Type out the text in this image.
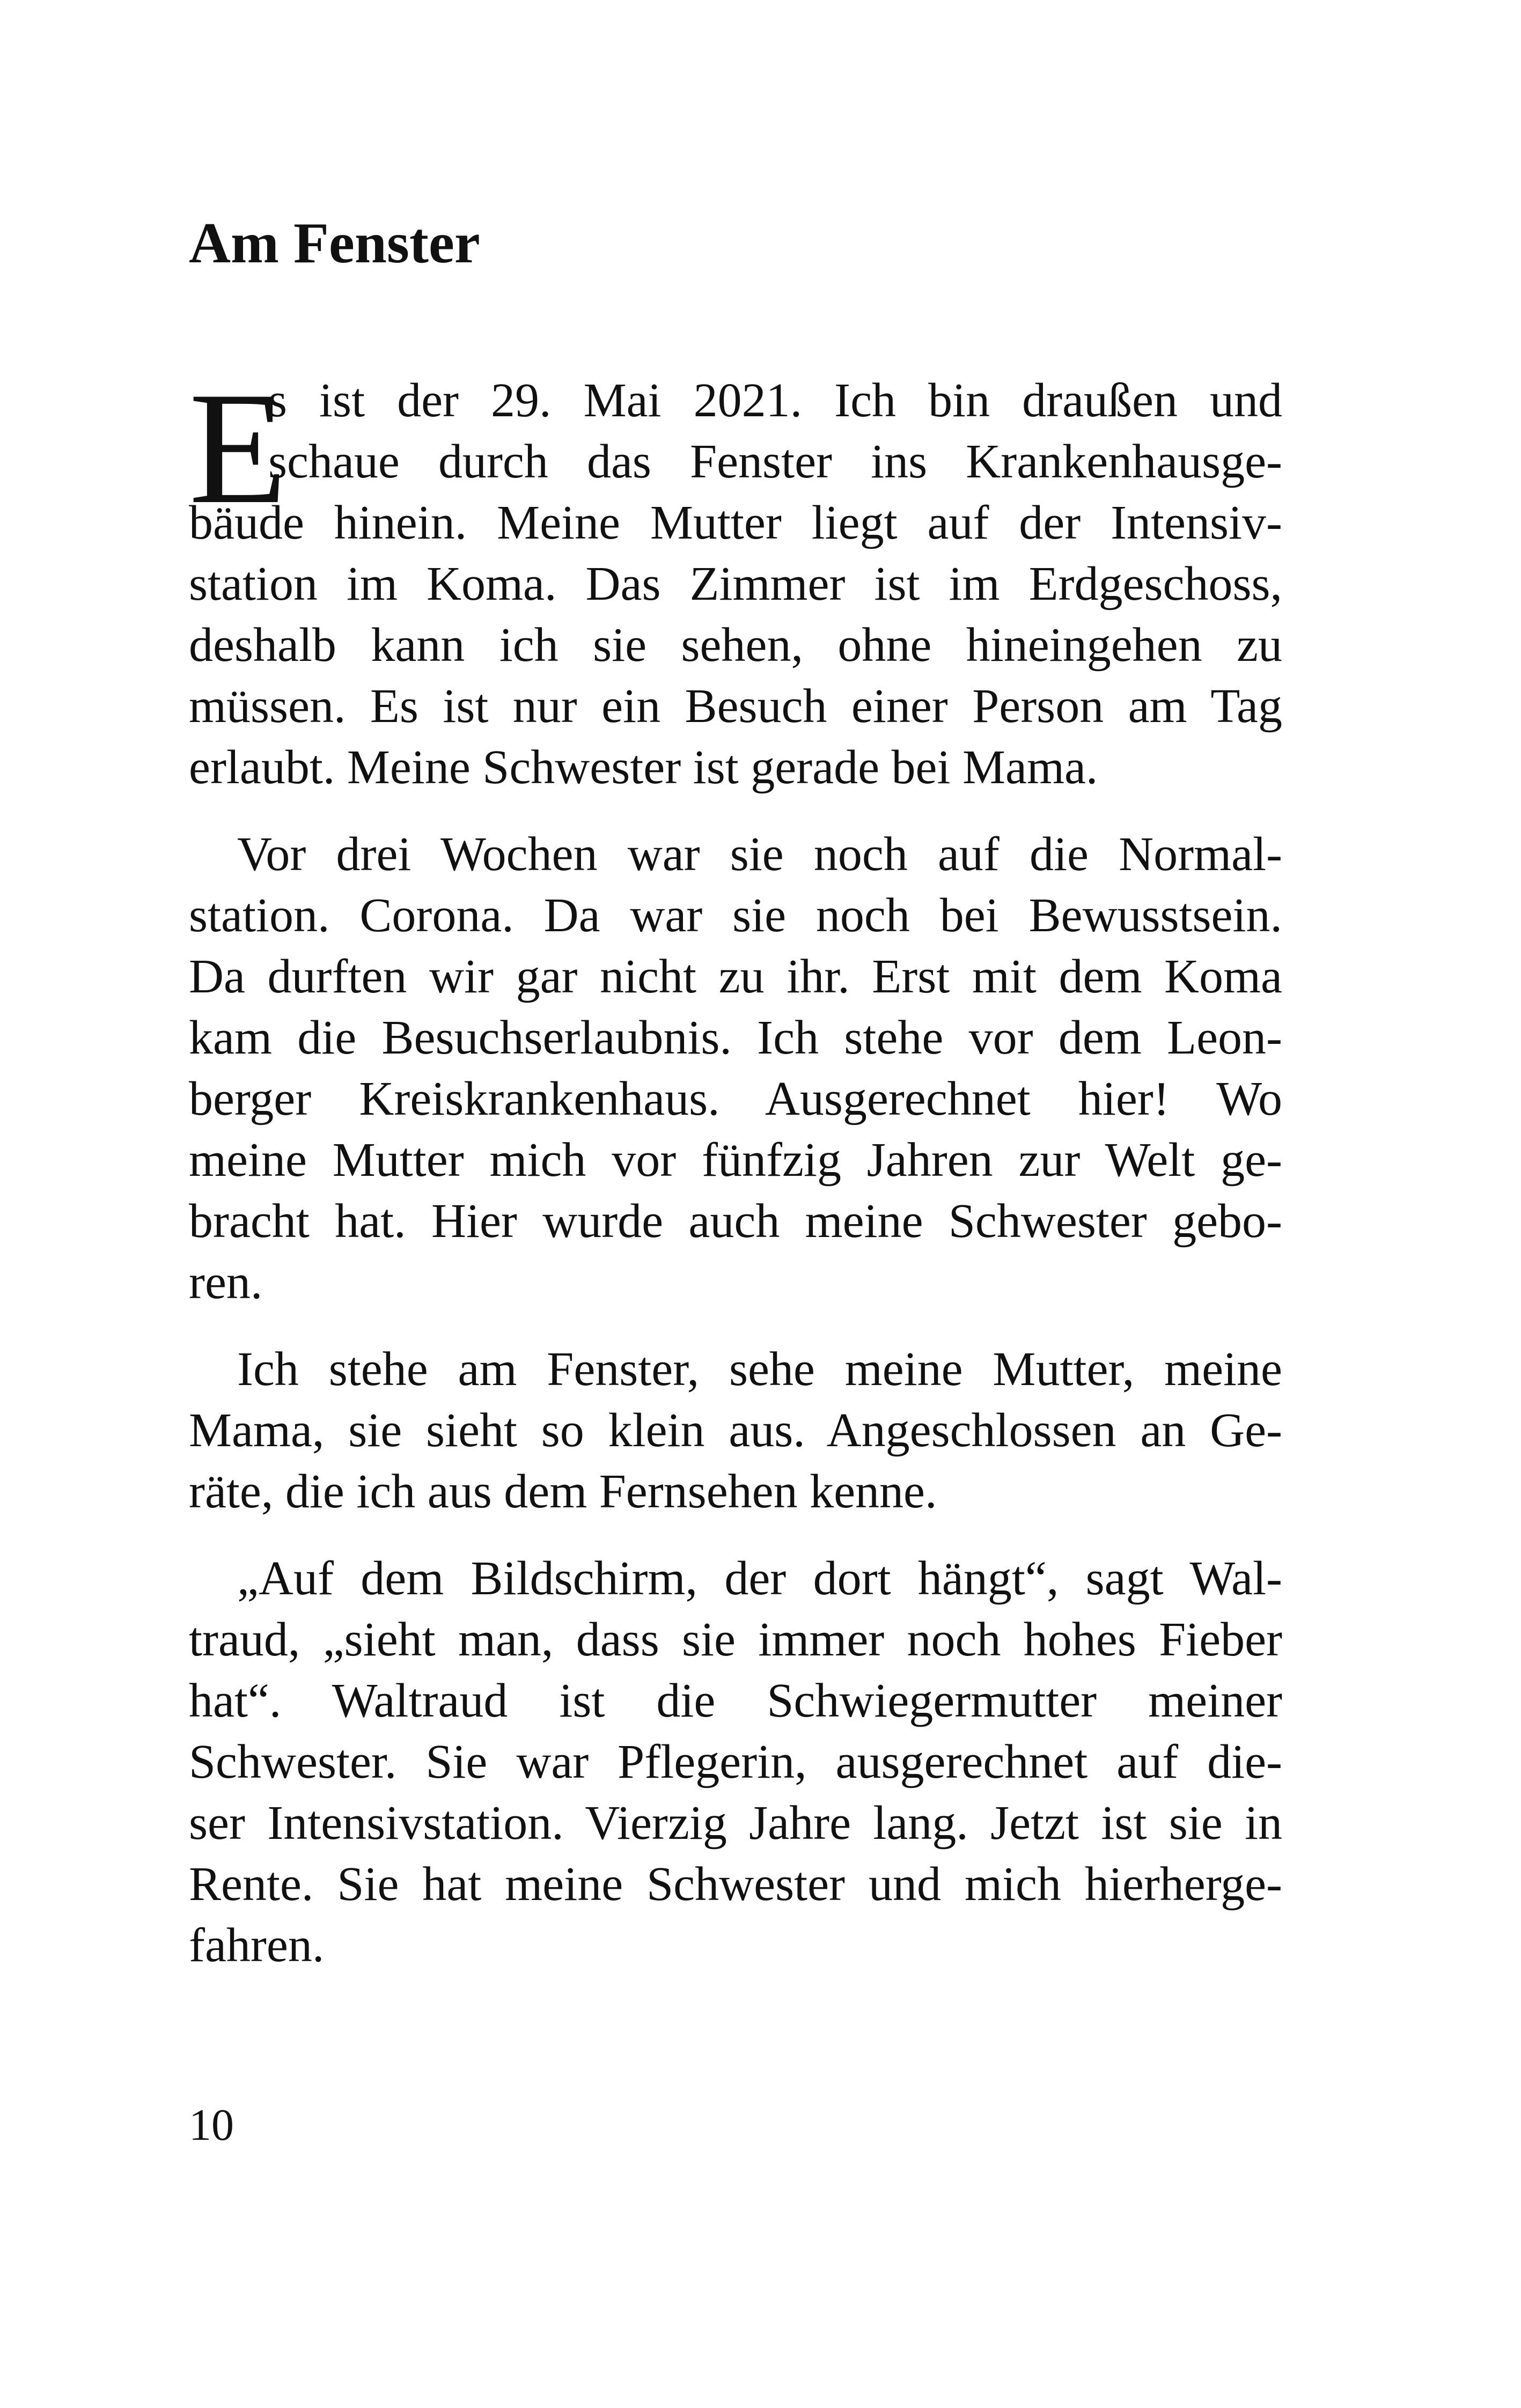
Am Fenster
E
s ist der 29. Mai 2021. Ich bin draußen und
schaue durch das Fenster ins Krankenhausge-
bäude hinein. Meine Mutter liegt auf der Intensiv-
station im Koma. Das Zimmer ist im Erdgeschoss,
deshalb kann ich sie sehen, ohne hineingehen zu
müssen. Es ist nur ein Besuch einer Person am Tag
erlaubt. Meine Schwester ist gerade bei Mama.
 Vor drei Wochen war sie noch auf die Normal-
station. Corona. Da war sie noch bei Bewusstsein.
Da durften wir gar nicht zu ihr. Erst mit dem Koma
kam die Besuchserlaubnis. Ich stehe vor dem Leon-
berger Kreiskrankenhaus. Ausgerechnet hier! Wo
meine Mutter mich vor fünfzig Jahren zur Welt ge-
bracht hat. Hier wurde auch meine Schwester gebo-
ren.
 Ich stehe am Fenster, sehe meine Mutter, meine
Mama, sie sieht so klein aus. Angeschlossen an Ge-
räte, die ich aus dem Fernsehen kenne.
 „Auf dem Bildschirm, der dort hängt“, sagt Wal-
traud, „sieht man, dass sie immer noch hohes Fieber
hat“. Waltraud ist die Schwiegermutter meiner
Schwester. Sie war Pflegerin, ausgerechnet auf die-
ser Intensivstation. Vierzig Jahre lang. Jetzt ist sie in
Rente. Sie hat meine Schwester und mich hierherge-
fahren.
10
